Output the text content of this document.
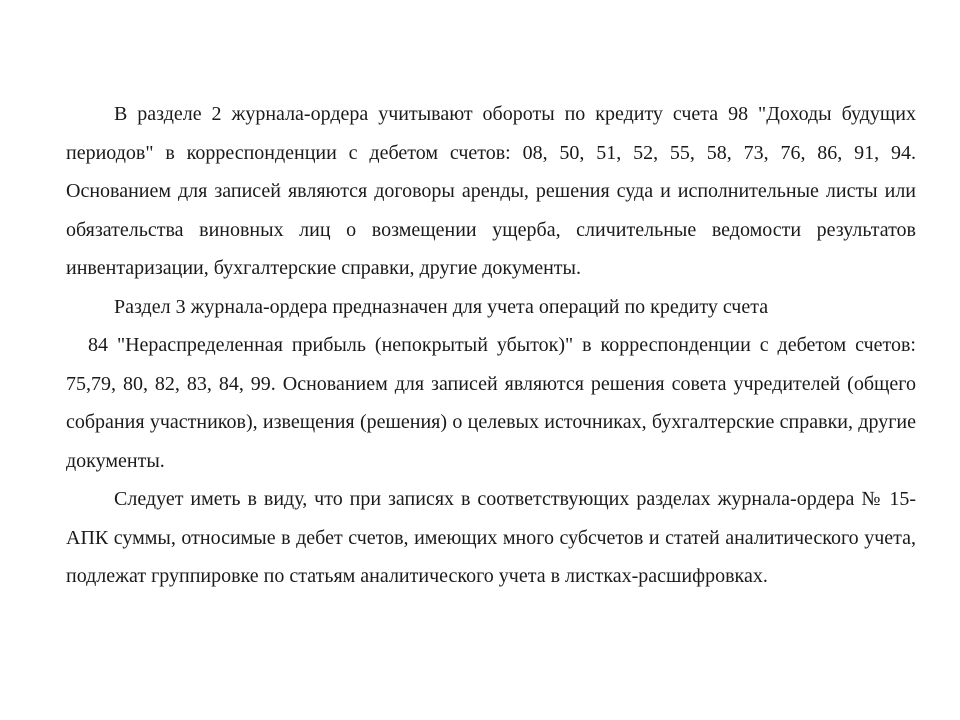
В разделе 2 журнала-ордера учитывают обороты по кредиту счета 98 "Доходы будущих периодов" в корреспонденции с дебетом счетов: 08, 50, 51, 52, 55, 58, 73, 76, 86, 91, 94. Основанием для записей являются договоры аренды, решения суда и исполнительные листы или обязательства виновных лиц о возмещении ущерба, сличительные ведомости результатов инвентаризации, бухгалтерские справки, другие документы.

Раздел 3 журнала-ордера предназначен для учета операций по кредиту счета

84 "Нераспределенная прибыль (непокрытый убыток)" в корреспонденции с дебетом счетов: 75,79, 80, 82, 83, 84, 99. Основанием для записей являются решения совета учредителей (общего собрания участников), извещения (решения) о целевых источниках, бухгалтерские справки, другие документы.

Следует иметь в виду, что при записях в соответствующих разделах журнала-ордера № 15-АПК суммы, относимые в дебет счетов, имеющих много субсчетов и статей аналитического учета, подлежат группировке по статьям аналитического учета в листках-расшифровках.
